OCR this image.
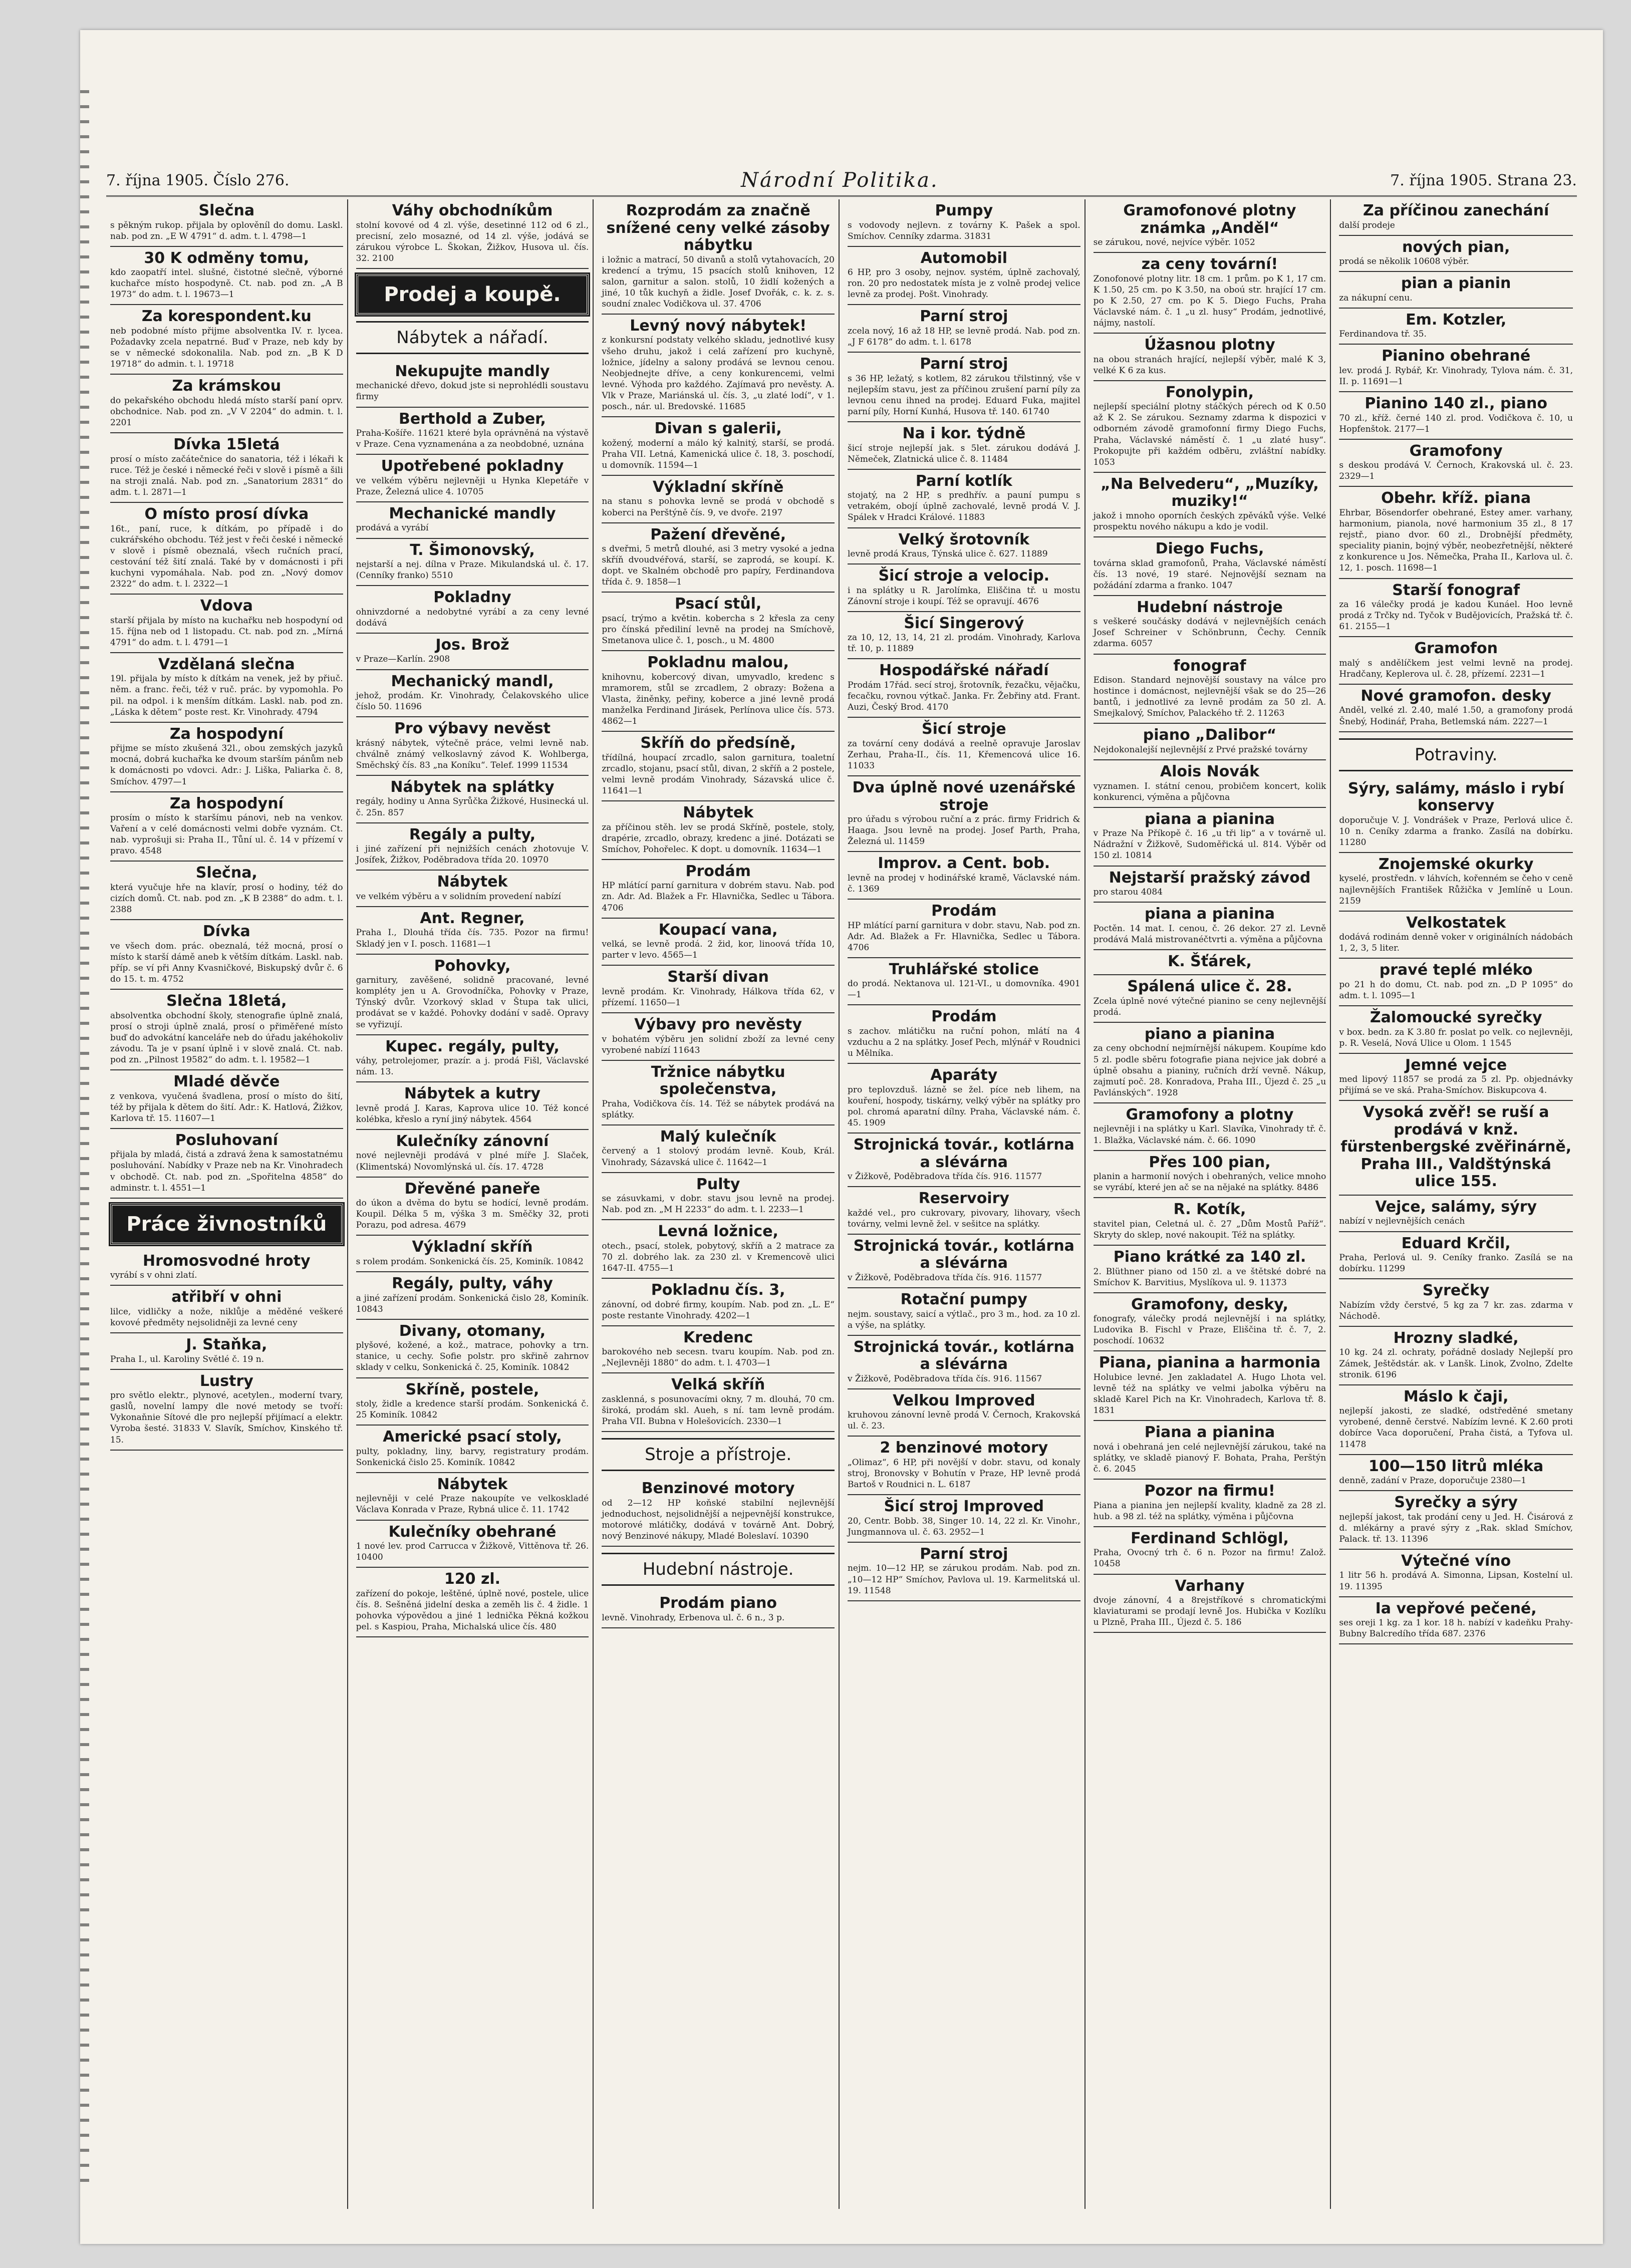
7. října 1905. Číslo 276.	Národní Politika.	7. října 1905. Strana 23.
Slečna
s pěkným rukop. přijala by oplověníl do domu. Laskl. nab. pod zn. „E W 4791“ d. adm. t. l. 4798—1
30 K odměny tomu,
kdo zaopatří intel. slušné, čistotné slečně, výborné kuchařce místo hospodyně. Ct. nab. pod zn. „A B 1973“ do adm. t. l. 19673—1
Za korespondent.ku
neb podobné místo přijme absolventka IV. r. lycea. Požadavky zcela nepatrné. Buď v Praze, neb kdy by se v německé sdokonalila. Nab. pod zn. „B K D 19718“ do admin. t. l. 19718
Za krámskou
do pekařského obchodu hledá místo starší paní oprv. obchodnice. Nab. pod zn. „V V 2204“ do admin. t. l. 2201
Dívka 15letá
prosí o místo začátečnice do sanatoria, též i lékaři k ruce. Též je české i německé řeči v slově i písmě a šili na stroji znalá. Nab. pod zn. „Sanatorium 2831“ do adm. t. l. 2871—1
O místo prosí dívka
16t., paní, ruce, k dítkám, po případě i do cukrářského obchodu. Též jest v řeči české i německé v slově i písmě obeznalá, všech ručních prací, cestování též šití znalá. Také by v domácnosti i při kuchyni vypomáhala. Nab. pod zn. „Nový domov 2322“ do adm. t. l. 2322—1
Vdova
starší přijala by místo na kuchařku neb hospodyní od 15. října neb od 1 listopadu. Ct. nab. pod zn. „Mírná 4791“ do adm. t. l. 4791—1
Vzdělaná slečna
19l. přijala by místo k dítkám na venek, jež by přiuč. něm. a franc. řeči, též v ruč. prác. by vypomohla. Po pil. na odpol. i k menším dítkám. Laskl. nab. pod zn. „Láska k dětem“ poste rest. Kr. Vinohrady. 4794
Za hospodyní
přijme se místo zkušená 32l., obou zemských jazyků mocná, dobrá kuchařka ke dvoum starším pánům neb k domácnosti po vdovci. Adr.: J. Liška, Paliarka č. 8, Smíchov. 4797—1
Za hospodyní
prosím o místo k staršímu pánovi, neb na venkov. Vaření a v celé domácnosti velmi dobře vyznám. Ct. nab. vyprošuji si: Praha II., Tůní ul. č. 14 v přízemí v pravo. 4548
Slečna,
která vyučuje hře na klavír, prosí o hodiny, též do cizích domů. Ct. nab. pod zn. „K B 2388“ do adm. t. l. 2388
Dívka
ve všech dom. prác. obeznalá, též mocná, prosí o místo k starší dámě aneb k větším dítkám. Laskl. nab. příp. se ví při Anny Kvasničkové, Biskupský dvůr č. 6 do 15. t. m. 4752
Slečna 18letá,
absolventka obchodní školy, stenografie úplně znalá, prosí o stroji úplně znalá, prosí o přiměřené místo buď do advokátní kanceláře neb do úřadu jakéhokoliv závodu. Ta je v psaní úplně i v slově znalá. Ct. nab. pod zn. „Pilnost 19582“ do adm. t. l. 19582—1
Mladé děvče
z venkova, vyučená švadlena, prosí o místo do šití, též by přijala k dětem do šití. Adr.: K. Hatlová, Žižkov, Karlova tř. 15. 11607—1
Posluhovaní
přijala by mladá, čistá a zdravá žena k samostatnému posluhování. Nabídky v Praze neb na Kr. Vinohradech v obchodě. Ct. nab. pod zn. „Spořitelna 4858“ do adminstr. t. l. 4551—1
Práce živnostníků
Hromosvodné hroty
vyrábí s v ohni zlatí.
atřibří v ohni
lilce, vidličky a nože, niklůje a měděné veškeré kovové předměty nejsolidněji za levné ceny
J. Staňka,
Praha I., ul. Karoliny Světlé č. 19 n.
Lustry
pro světlo elektr., plynové, acetylen., moderní tvary, gaslů, novelní lampy dle nové metody se tvoří: Vykonaňnie Sítové dle pro nejlepší přijímací a elektr. Vyroba šesté. 31833 V. Slavík, Smíchov, Kinského tř. 15.
Váhy obchodníkům
stolní kovové od 4 zl. výše, desetinné 112 od 6 zl., precisní, zelo mosazné, od 14 zl. výše, jodává se zárukou výrobce L. Škokan, Žižkov, Husova ul. čís. 32. 2100
Prodej a koupě.
Nábytek a nářadí.
Nekupujte mandly
mechanické dřevo, dokud jste si neprohlédli soustavu firmy
Berthold a Zuber,
Praha-Košíře. 11621 které byla oprávněná na výstavě v Praze. Cena vyznamenána a za neobdobné, uznána
Upotřebené pokladny
ve velkém výběru nejlevněji u Hynka Klepetáře v Praze, Železná ulice 4. 10705
Mechanické mandly
prodává a vyrábí
T. Šimonovský,
nejstarší a nej. dílna v Praze. Mikulandská ul. č. 17. (Cenníky franko) 5510
Pokladny
ohnivzdorné a nedobytné vyrábí a za ceny levné dodává
Jos. Brož
v Praze—Karlín. 2908
Mechanický mandl,
jehož, prodám. Kr. Vinohrady, Čelakovského ulice číslo 50. 11696
Pro výbavy nevěst
krásný nábytek, výtečně práce, velmi levně nab. chválně známý velkoslavný závod K. Wohlberga, Směchský čís. 83 „na Koníku“. Telef. 1999 11534
Nábytek na splátky
regály, hodiny u Anna Syrůčka Žižkové, Husinecká ul. č. 25n. 857
Regály a pulty,
i jiné zařízení při nejnižších cenách zhotovuje V. Josífek, Žižkov, Poděbradova třída 20. 10970
Nábytek
ve velkém výběru a v solidním provedení nabízí
Ant. Regner,
Praha I., Dlouhá třída čís. 735. Pozor na firmu! Skladý jen v I. posch. 11681—1
Pohovky,
garnitury, zavěšené, solidně pracované, levné kompléty jen u A. Grovodníčka, Pohovky v Praze, Týnský dvůr. Vzorkový sklad v Štupa tak ulici, prodávat se v každé. Pohovky dodání v sadě. Opravy se vyřizují.
Kupec. regály, pulty,
váhy, petrolejomer, prazír. a j. prodá Fišl, Václavské nám. 13.
Nábytek a kutry
levně prodá J. Karas, Kaprova ulice 10. Též koncé kolébka, křeslo a ryní jiný nábytek. 4564
Kulečníky zánovní
nové nejlevněji prodává v plné míře J. Slaček, (Klimentská) Novomlýnská ul. čís. 17. 4728
Dřevěné paneře
do úkon a dvěma do bytu se hodící, levně prodám. Koupil. Délka 5 m, výška 3 m. Směčky 32, proti Porazu, pod adresa. 4679
Výkladní skříň
s rolem prodám. Sonkenická čís. 25, Kominík. 10842
Regály, pulty, váhy
a jiné zařízení prodám. Sonkenická čislo 28, Kominík. 10843
Divany, otomany,
plyšové, kožené, a kož., matrace, pohovky a trn. stanice, u cechy. Sofie polstr. pro skřině zahrnov sklady v celku, Sonkenická č. 25, Kominík. 10842
Skříně, postele,
stoly, židle a kredence starší prodám. Sonkenická č. 25 Kominík. 10842
Americké psací stoly,
pulty, pokladny, liny, barvy, registratury prodám. Sonkenická čislo 25. Kominík. 10842
Nábytek
nejlevněji v celé Praze nakoupíte ve velkoskladé Václava Konrada v Praze, Rybná ulice č. 11. 1742
Kulečníky obehrané
1 nové lev. prod Carrucca v Žižkově, Vittěnova tř. 26. 10400
120 zl.
zařízení do pokoje, leštěné, úplně nové, postele, ulice čís. 8. Sešněná jidelní deska a zeměh lis č. 4 židle. 1 pohovka výpovědou a jiné 1 lednička Pěkná kožkou pel. s Kaspiou, Praha, Michalská ulice čís. 480
Rozprodám za značně snížené ceny velké zásoby nábytku
i ložnic a matrací, 50 divanů a stolů vytahovacích, 20 kredencí a trýmu, 15 psacích stolů knihoven, 12 salon, garnitur a salon. stolů, 10 židlí kožených a jiné, 10 tůk kuchyň a židle. Josef Dvořák, c. k. z. s. soudní znalec Vodičkova ul. 37. 4706
Levný nový nábytek!
z konkursní podstaty velkého skladu, jednotlivé kusy všeho druhu, jakož i celá zařízení pro kuchyně, ložnice, jídelny a salony prodává se levnou cenou. Neobjednejte dříve, a ceny konkurencemi, velmi levné. Výhoda pro každého. Zajímavá pro nevěsty. A. Vlk v Praze, Mariánská ul. čís. 3, „u zlaté lodí“, v 1. posch., nár. ul. Bredovské. 11685
Divan s galerii,
kožený, moderní a málo ký kalnitý, starší, se prodá. Praha VII. Letná, Kamenická ulice č. 18, 3. poschodí, u domovník. 11594—1
Výkladní skříně
na stanu s pohovka levně se prodá v obchodě s koberci na Perštýně čís. 9, ve dvoře. 2197
Pažení dřevěné,
s dveřmi, 5 metrů dlouhé, asi 3 metry vysoké a jedna skříň dvoudvéřová, starší, se zaprodá, se koupí. K. dopt. ve Skalném obchodě pro papíry, Ferdinandova třída č. 9. 1858—1
Psací stůl,
psací, trýmo a květin. kobercha s 2 křesla za ceny pro čínská přediliní levně na prodej na Smíchově, Smetanova ulice č. 1, posch., u M. 4800
Pokladnu malou,
knihovnu, kobercový divan, umyvadlo, kredenc s mramorem, stůl se zrcadlem, 2 obrazy: Božena a Vlasta, žiněnky, peřiny, koberce a jiné levně prodá manželka Ferdinand Jirásek, Perlínova ulice čís. 573. 4862—1
Skříň do předsíně,
třídílná, houpací zrcadlo, salon garnitura, toaletní zrcadlo, stojanu, psací stůl, divan, 2 skříň a 2 postele, velmi levně prodám Vinohrady, Sázavská ulice č. 11641—1
Nábytek
za příčinou stěh. lev se prodá Skříně, postele, stoly, drapérie, zrcadlo, obrazy, kredenc a jiné. Dotázati se Smíchov, Pohořelec. K dopt. u domovník. 11634—1
Prodám
HP mlátící parní garnitura v dobrém stavu. Nab. pod zn. Adr. Ad. Blažek a Fr. Hlavnička, Sedlec u Tábora. 4706
Koupací vana,
velká, se levně prodá. 2 žid, kor, linoová třída 10, parter v levo. 4565—1
Starší divan
levně prodám. Kr. Vinohrady, Hálkova třída 62, v přízemí. 11650—1
Výbavy pro nevěsty
v bohatém výběru jen solidní zboží za levné ceny vyrobené nabízí 11643
Tržnice nábytku společenstva,
Praha, Vodičkova čís. 14. Též se nábytek prodává na splátky.
Malý kulečník
červený a 1 stolový prodám levně. Koub, Král. Vinohrady, Sázavská ulice č. 11642—1
Pulty
se zásuvkami, v dobr. stavu jsou levně na prodej. Nab. pod zn. „M H 2233“ do adm. t. l. 2233—1
Levná ložnice,
otech., psací, stolek, pobytový, skříň a 2 matrace za 70 zl. dobrého lak. za 230 zl. v Kremencově ulici 1647-II. 4755—1
Pokladnu čís. 3,
zánovní, od dobré firmy, koupím. Nab. pod zn. „L. E“ poste restante Vinohrady. 4202—1
Kredenc
barokového neb secesn. tvaru koupím. Nab. pod zn. „Nejlevněji 1880“ do adm. t. l. 4703—1
Velká skříň
zasklenná, s posunovacími okny, 7 m. dlouhá, 70 cm. široká, prodám skl. Aueh, s ní. tam levně prodám. Praha VII. Bubna v Holešovicích. 2330—1
Stroje a přístroje.
Benzinové motory
od 2—12 HP koňské stabilní nejlevnější jednoduchost, nejsolidnější a nejpevnější konstrukce, motorové mlátičky, dodává v továrně Ant. Dobrý, nový Benzinové nákupy, Mladé Boleslaví. 10390
Hudební nástroje.
Prodám piano
levně. Vinohrady, Erbenova ul. č. 6 n., 3 p.
Pumpy
s vodovody nejlevn. z továrny K. Pašek a spol. Smíchov. Cenníky zdarma. 31831
Automobil
6 HP, pro 3 osoby, nejnov. systém, úplně zachovalý, ron. 20 pro nedostatek místa je z volně prodej velice levně za prodej. Pošt. Vinohrady.
Parní stroj
zcela nový, 16 až 18 HP, se levně prodá. Nab. pod zn. „J F 6178“ do adm. t. l. 6178
Parní stroj
s 36 HP, ležatý, s kotlem, 82 zárukou třilstinný, vše v nejlepším stavu, jest za příčinou zrušení parní píly za levnou cenu ihned na prodej. Eduard Fuka, majitel parní píly, Horní Kunhá, Husova tř. 140. 61740
Na i kor. týdně
šicí stroje nejlepší jak. s 5let. zárukou dodává J. Němeček, Zlatnická ulice č. 8. 11484
Parní kotlík
stojatý, na 2 HP, s predhřív. a pauní pumpu s vetrakém, obojí úplně zachovalé, levně prodá V. J. Spálek v Hradci Králové. 11883
Velký šrotovník
levně prodá Kraus, Týnská ulice č. 627. 11889
Šicí stroje a velocip.
i na splátky u R. Jarolímka, Eliščina tř. u mostu Zánovní stroje i koupí. Též se opravují. 4676
Šicí Singerový
za 10, 12, 13, 14, 21 zl. prodám. Vinohrady, Karlova tř. 10, p. 11889
Hospodářské nářadí
Prodám 17řád. secí stroj, šrotovník, řezačku, vějačku, fecačku, rovnou výtkač. Janka. Fr. Žebřiny atd. Frant. Auzi, Český Brod. 4170
Šicí stroje
za tovární ceny dodává a reelně opravuje Jaroslav Zerhau, Praha-II., čís. 11, Křemencová ulice 16. 11033
Dva úplně nové uzenářské stroje
pro úřadu s výrobou ruční a z prác. firmy Fridrich & Haaga. Jsou levně na prodej. Josef Parth, Praha, Železná ul. 11459
Improv. a Cent. bob.
levně na prodej v hodinářské kramě, Václavské nám. č. 1369
Prodám
HP mlátící parní garnitura v dobr. stavu, Nab. pod zn. Adr. Ad. Blažek a Fr. Hlavnička, Sedlec u Tábora. 4706
Truhlářské stolice
do prodá. Nektanova ul. 121-VI., u domovníka. 4901—1
Prodám
s zachov. mlátičku na ruční pohon, mlátí na 4 vzduchu a 2 na splátky. Josef Pech, mlýnář v Roudnici u Mělníka.
Aparáty
pro teplovzduš. lázně se žel. píce neb lihem, na kouření, hospody, tiskárny, velký výběr na splátky pro pol. chromá aparatní dílny. Praha, Václavské nám. č. 45. 1909
Strojnická továr., kotlárna a slévárna
v Žižkově, Poděbradova třída čís. 916. 11577
Reservoiry
každé vel., pro cukrovary, pivovary, lihovary, všech továrny, velmi levně žel. v sešitce na splátky.
Strojnická továr., kotlárna a slévárna
v Žižkově, Poděbradova třída čís. 916. 11577
Rotační pumpy
nejm. soustavy, saicí a výtlač., pro 3 m., hod. za 10 zl. a výše, na splátky.
Strojnická továr., kotlárna a slévárna
v Žižkově, Poděbradova třída čís. 916. 11567
Velkou Improved
kruhovou zánovní levně prodá V. Černoch, Krakovská ul. č. 23.
2 benzinové motory
„Olimaz“, 6 HP, při novější v dobr. stavu, od konaly stroj, Bronovsky v Bohutín v Praze, HP levně prodá Bartoš v Roudnici n. L. 6187
Šicí stroj Improved
20, Centr. Bobb. 38, Singer 10. 14, 22 zl. Kr. Vinohr., Jungmannova ul. č. 63. 2952—1
Parní stroj
nejm. 10—12 HP, se zárukou prodám. Nab. pod zn. „10—12 HP“ Smíchov, Pavlova ul. 19. Karmelitská ul. 19. 11548
Gramofonové plotny známka „Anděl“
se zárukou, nové, nejvíce výběr. 1052
za ceny tovární!
Zonofonové plotny litr. 18 cm. 1 prům. po K 1, 17 cm. K 1.50, 25 cm. po K 3.50, na oboú str. hrající 17 cm. po K 2.50, 27 cm. po K 5. Diego Fuchs, Praha Václavské nám. č. 1 „u zl. husy“ Prodám, jednotlivé, nájmy, nastolí.
Úžasnou plotny
na obou stranách hrající, nejlepší výběr, malé K 3, velké K 6 za kus.
Fonolypin,
nejlepší speciální plotny stáčkých pérech od K 0.50 až K 2. Se zárukou. Seznamy zdarma k dispozici v odborném závodě gramofonní firmy Diego Fuchs, Praha, Václavské náměstí č. 1 „u zlaté husy“. Prokopujte při každém odběru, zvláštní nabídky. 1053
„Na Belvederu“, „Muzíky, muziky!“
jakož i mnoho oporních českých zpěváků výše. Velké prospektu nového nákupu a kdo je vodil.
Diego Fuchs,
továrna sklad gramofonů, Praha, Václavské náměstí čís. 13 nové, 19 staré. Nejnovější seznam na požádání zdarma a franko. 1047
Hudební nástroje
s veškeré součásky dodává v nejlevnějších cenách Josef Schreiner v Schönbrunn, Čechy. Cenník zdarma. 6057
fonograf
Edison. Standard nejnovější soustavy na válce pro hostince i domácnost, nejlevnější však se do 25—26 bantů, i jednotlivé za levně prodám za 50 zl. A. Smejkalový, Smíchov, Palackého tř. 2. 11263
piano „Dalibor“
Nejdokonalejší nejlevnější z Prvé pražské továrny
Alois Novák
vyznamen. I. státní cenou, probičem koncert, kolik konkurenci, výměna a půjčovna
piana a pianina
v Praze Na Příkopě č. 16 „u tři lip“ a v továrně ul. Nádražní v Žižkově, Sudoměřická ul. 814. Výběr od 150 zl. 10814
Nejstarší pražský závod
pro starou 4084
piana a pianina
Poctěn. 14 mat. I. cenou, č. 26 dekor. 27 zl. Levně prodává Malá mistrovanéčtvrti a. výměna a půjčovna
K. Šťárek,
Spálená ulice č. 28.
Zcela úplně nové výtečné pianino se ceny nejlevnější prodá.
piano a pianina
za ceny obchodní nejmírnější nákupem. Koupíme kdo 5 zl. podle sběru fotografie piana nejvice jak dobré a úplně obsahu a pianiny, ručních drží vevně. Nákup, zajmutí poč. 28. Konradova, Praha III., Újezd č. 25 „u Pavlánských“. 1928
Gramofony a plotny
nejlevněji i na splátky u Karl. Slavíka, Vinohrady tř. č. 1. Blažka, Václavské nám. č. 66. 1090
Přes 100 pian,
planin a harmonií nových i obehraných, velice mnoho se vyrábí, které jen ač se na nějaké na splátky. 8486
R. Kotík,
stavitel pian, Celetná ul. č. 27 „Dům Mostů Paříž“. Skryty do sklep, nové nakoupit. Též na splátky.
Piano krátké za 140 zl.
2. Blüthner piano od 150 zl. a ve štětské dobré na Smíchov K. Barvitius, Myslíkova ul. 9. 11373
Gramofony, desky,
fonografy, válečky prodá nejlevnější i na splátky, Ludovika B. Fischl v Praze, Eliščina tř. č. 7, 2. poschodí. 10632
Piana, pianina a harmonia
Holubice levné. Jen zakladatel A. Hugo Lhota vel. levně též na splátky ve velmi jabolka výběru na skladě Karel Pich na Kr. Vinohradech, Karlova tř. 8. 1831
Piana a pianina
nová i obehraná jen celé nejlevnější zárukou, také na splátky, ve skladě pianový F. Bohata, Praha, Perštýn č. 6. 2045
Pozor na firmu!
Piana a pianina jen nejlepší kvality, kladně za 28 zl. hub. a 98 zl. též na splátky, výměna i půjčovna
Ferdinand Schlögl,
Praha, Ovocný trh č. 6 n. Pozor na firmu! Založ. 10458
Varhany
dvoje zánovní, 4 a 8rejstříkové s chromatickými klaviaturami se prodají levně Jos. Hubička v Kozlíku u Plzně, Praha III., Újezd č. 5. 186
Za příčinou zanechání
další prodeje
nových pian,
prodá se několik 10608 výběr.
pian a pianin
za nákupní cenu.
Em. Kotzler,
Ferdinandova tř. 35.
Pianino obehrané
lev. prodá J. Rybář, Kr. Vinohrady, Tylova nám. č. 31, II. p. 11691—1
Pianino 140 zl., piano
70 zl., kříž. černé 140 zl. prod. Vodičkova č. 10, u Hopfenštok. 2177—1
Gramofony
s deskou prodává V. Černoch, Krakovská ul. č. 23. 2329—1
Obehr. kříž. piana
Ehrbar, Bösendorfer obehrané, Estey amer. varhany, harmonium, pianola, nové harmonium 35 zl., 8 17 rejstř., piano dvor. 60 zl., Drobnější předměty, speciality pianin, bojný výběr, neobezřetnější, některé z konkurence u Jos. Němečka, Praha II., Karlova ul. č. 12, 1. posch. 11698—1
Starší fonograf
za 16 válečky prodá je kadou Kunáel. Hoo levně prodá z Trčky nd. Tyčok v Budějovicích, Pražská tř. č. 61. 2155—1
Gramofon
malý s andělíčkem jest velmi levně na prodej. Hradčany, Keplerova ul. č. 28, přízemí. 2231—1
Nové gramofon. desky
Anděl, velké zl. 2.40, malé 1.50, a gramofony prodá Šnebý, Hodinář, Praha, Betlemská nám. 2227—1
Potraviny.
Sýry, salámy, máslo i rybí konservy
doporučuje V. J. Vondrášek v Praze, Perlová ulice č. 10 n. Ceníky zdarma a franko. Zasílá na dobírku. 11280
Znojemské okurky
kyselé, prostředn. v láhvích, kořenném se čeho v ceně najlevnějších František Růžička v Jemlíně u Loun. 2159
Velkostatek
dodává rodinám denně voker v originálních nádobách 1, 2, 3, 5 liter.
pravé teplé mléko
po 21 h do domu, Ct. nab. pod zn. „D P 1095“ do adm. t. l. 1095—1
Žalomoucké syrečky
v box. bedn. za K 3.80 fr. poslat po velk. co nejlevněji, p. R. Veselá, Nová Ulice u Olom. 1 1545
Jemné vejce
med lipový 11857 se prodá za 5 zl. Pp. objednávky přijímá se ve ská. Praha-Smíchov. Biskupcova 4.
Vysoká zvěř! se ruší a prodává v knž. fürstenbergské zvěřinárně, Praha III., Valdštýnská ulice 155.
Vejce, salámy, sýry
nabízí v nejlevnějších cenách
Eduard Krčil,
Praha, Perlová ul. 9. Ceníky franko. Zasílá se na dobírku. 11299
Syrečky
Nabízím vždy čerstvé, 5 kg za 7 kr. zas. zdarma v Náchodě.
Hrozny sladké,
10 kg. 24 zl. ochraty, pořádně doslady Nejlepší pro Zámek, Ještědstár. ak. v Lanšk. Linok, Zvolno, Zdelte stronik. 6196
Máslo k čaji,
nejlepší jakosti, ze sladké, odstředěné smetany vyrobené, denně čerstvé. Nabízím levné. K 2.60 proti dobírce Vaca doporučení, Praha čistá, a Tyfova ul. 11478
100—150 litrů mléka
denně, zadání v Praze, doporučuje 2380—1
Syrečky a sýry
nejlepší jakost, tak prodání ceny u Jed. H. Čisárová z d. mlékárny a pravé sýry z „Rak. sklad Smíchov, Palack. tř. 13. 11396
Výtečné víno
1 litr 56 h. prodává A. Simonna, Lipsan, Kostelní ul. 19. 11395
Ia vepřové pečené,
ses oreji 1 kg. za 1 kor. 18 h. nabízí v kadeňku Prahy-Bubny Balcredího třída 687. 2376
